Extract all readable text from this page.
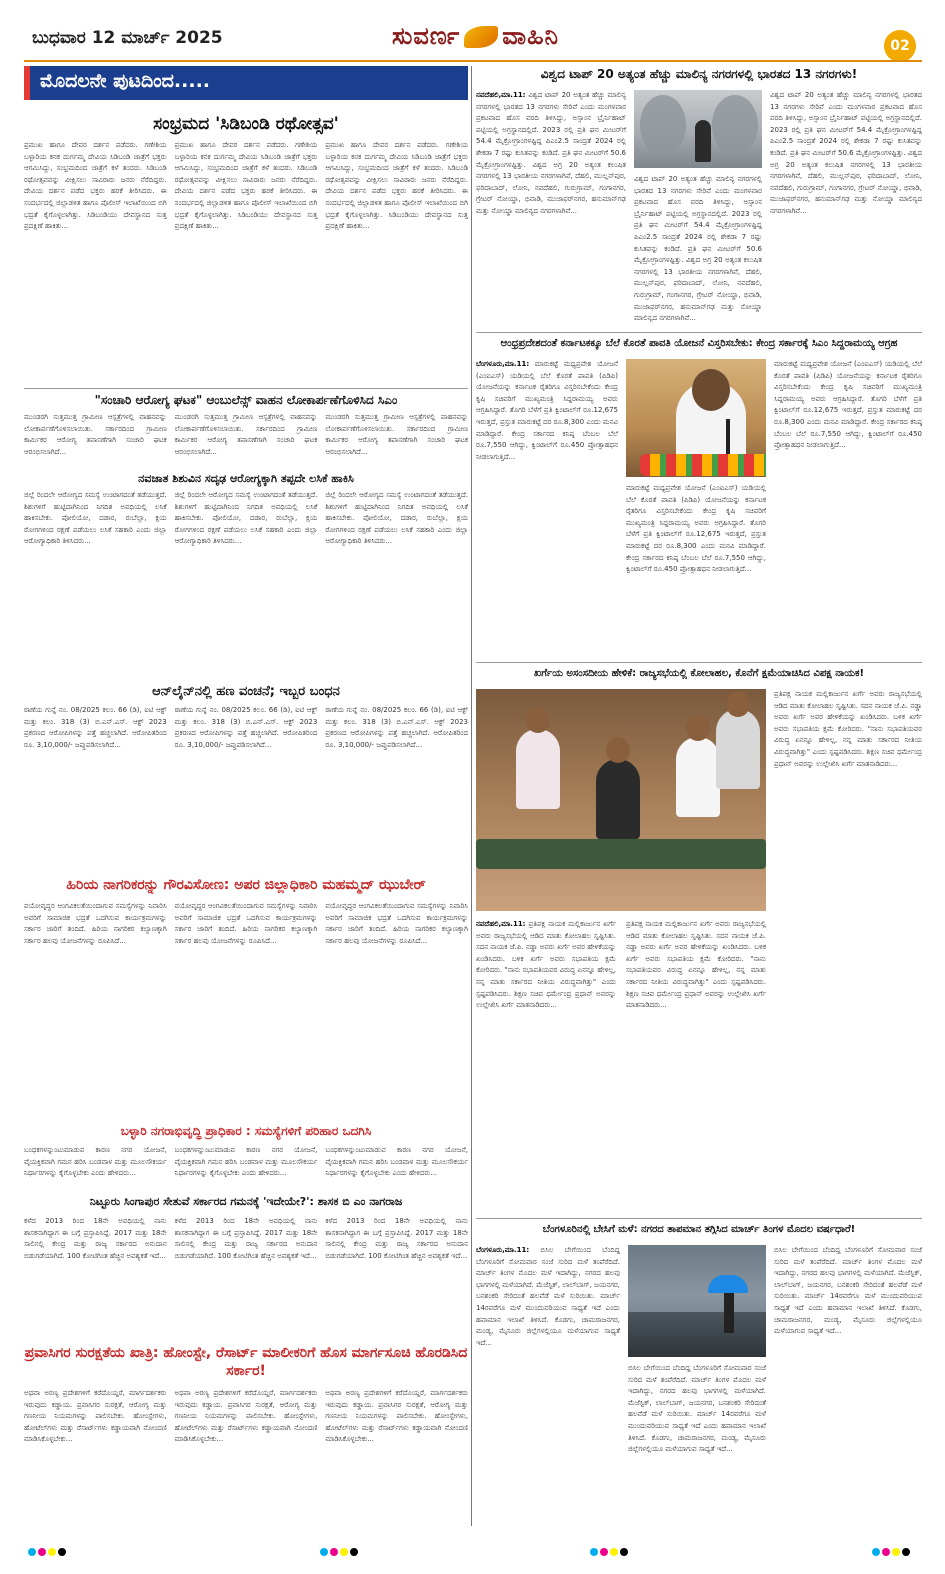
ಬುಧವಾರ 12 ಮಾರ್ಚ್ 2025	ಸುವರ್ಣ ವಾಹಿನಿ	02
ಮೊದಲನೇ ಪುಟದಿಂದ.....
ಸಂಭ್ರಮದ 'ಸಿಡಿಬಂಡಿ ರಥೋತ್ಸವ'
ಪ್ರಮುಖ ಹಾಗೂ ದೇವರ ದರ್ಶನ ಪಡೆದರು. ಗಣೇಶಿಯ ಬಳ್ಳಾರಿಯ ಕನಕ ದುರ್ಗಮ್ಮ ದೇವಿಯ ಸಿಡಿಬಂಡಿ ಜಾತ್ರೆಗೆ ಭಕ್ತರು ಆಗಮಿಸಿದ್ದು, ಸಂಭ್ರಮದಿಂದ ಜಾತ್ರೆಗೆ ಕಳೆ ತಂದರು. ಸಿಡಿಬಂಡಿ ರಥೋತ್ಸವವನ್ನು ವೀಕ್ಷಿಸಲು ಸಾವಿರಾರು ಜನರು ನೆರೆದಿದ್ದರು. ದೇವಿಯ ದರ್ಶನ ಪಡೆದ ಭಕ್ತರು ಹರಕೆ ತೀರಿಸಿದರು. ಈ ಸಂದರ್ಭದಲ್ಲಿ ಜಿಲ್ಲಾಡಳಿತ ಹಾಗೂ ಪೊಲೀಸ್ ಇಲಾಖೆಯಿಂದ ಬಿಗಿ ಭದ್ರತೆ ಕೈಗೊಳ್ಳಲಾಗಿತ್ತು. ಸಿಡಿಬಂಡಿಯು ದೇವಸ್ಥಾನದ ಸುತ್ತ ಪ್ರದಕ್ಷಿಣೆ ಹಾಕಿತು...
ಪ್ರಮುಖ ಹಾಗೂ ದೇವರ ದರ್ಶನ ಪಡೆದರು. ಗಣೇಶಿಯ ಬಳ್ಳಾರಿಯ ಕನಕ ದುರ್ಗಮ್ಮ ದೇವಿಯ ಸಿಡಿಬಂಡಿ ಜಾತ್ರೆಗೆ ಭಕ್ತರು ಆಗಮಿಸಿದ್ದು, ಸಂಭ್ರಮದಿಂದ ಜಾತ್ರೆಗೆ ಕಳೆ ತಂದರು. ಸಿಡಿಬಂಡಿ ರಥೋತ್ಸವವನ್ನು ವೀಕ್ಷಿಸಲು ಸಾವಿರಾರು ಜನರು ನೆರೆದಿದ್ದರು. ದೇವಿಯ ದರ್ಶನ ಪಡೆದ ಭಕ್ತರು ಹರಕೆ ತೀರಿಸಿದರು. ಈ ಸಂದರ್ಭದಲ್ಲಿ ಜಿಲ್ಲಾಡಳಿತ ಹಾಗೂ ಪೊಲೀಸ್ ಇಲಾಖೆಯಿಂದ ಬಿಗಿ ಭದ್ರತೆ ಕೈಗೊಳ್ಳಲಾಗಿತ್ತು. ಸಿಡಿಬಂಡಿಯು ದೇವಸ್ಥಾನದ ಸುತ್ತ ಪ್ರದಕ್ಷಿಣೆ ಹಾಕಿತು...
ಪ್ರಮುಖ ಹಾಗೂ ದೇವರ ದರ್ಶನ ಪಡೆದರು. ಗಣೇಶಿಯ ಬಳ್ಳಾರಿಯ ಕನಕ ದುರ್ಗಮ್ಮ ದೇವಿಯ ಸಿಡಿಬಂಡಿ ಜಾತ್ರೆಗೆ ಭಕ್ತರು ಆಗಮಿಸಿದ್ದು, ಸಂಭ್ರಮದಿಂದ ಜಾತ್ರೆಗೆ ಕಳೆ ತಂದರು. ಸಿಡಿಬಂಡಿ ರಥೋತ್ಸವವನ್ನು ವೀಕ್ಷಿಸಲು ಸಾವಿರಾರು ಜನರು ನೆರೆದಿದ್ದರು. ದೇವಿಯ ದರ್ಶನ ಪಡೆದ ಭಕ್ತರು ಹರಕೆ ತೀರಿಸಿದರು. ಈ ಸಂದರ್ಭದಲ್ಲಿ ಜಿಲ್ಲಾಡಳಿತ ಹಾಗೂ ಪೊಲೀಸ್ ಇಲಾಖೆಯಿಂದ ಬಿಗಿ ಭದ್ರತೆ ಕೈಗೊಳ್ಳಲಾಗಿತ್ತು. ಸಿಡಿಬಂಡಿಯು ದೇವಸ್ಥಾನದ ಸುತ್ತ ಪ್ರದಕ್ಷಿಣೆ ಹಾಕಿತು...
"ಸಂಚಾರಿ ಆರೋಗ್ಯ ಘಟಕ" ಆಂಬುಲೆನ್ಸ್ ವಾಹನ ಲೋಕಾರ್ಪಣೆಗೊಳಿಸಿದ ಸಿಎಂ
ಮುಂಡರಗಿ ಸುತ್ತಮುತ್ತ ಗ್ರಾಮೀಣ ಆಸ್ಪತ್ರೆಗಳಲ್ಲಿ ವಾಹನವನ್ನು ಲೋಕಾರ್ಪಣೆಗೊಳಿಸಲಾಯಿತು. ಸರ್ಕಾರದಿಂದ ಗ್ರಾಮೀಣ ಕಾರ್ಮಿಕರ ಆರೋಗ್ಯ ತಪಾಸಣೆಗಾಗಿ ಸಂಚಾರಿ ಘಟಕ ಆರಂಭಿಸಲಾಗಿದೆ...
ಮುಂಡರಗಿ ಸುತ್ತಮುತ್ತ ಗ್ರಾಮೀಣ ಆಸ್ಪತ್ರೆಗಳಲ್ಲಿ ವಾಹನವನ್ನು ಲೋಕಾರ್ಪಣೆಗೊಳಿಸಲಾಯಿತು. ಸರ್ಕಾರದಿಂದ ಗ್ರಾಮೀಣ ಕಾರ್ಮಿಕರ ಆರೋಗ್ಯ ತಪಾಸಣೆಗಾಗಿ ಸಂಚಾರಿ ಘಟಕ ಆರಂಭಿಸಲಾಗಿದೆ...
ಮುಂಡರಗಿ ಸುತ್ತಮುತ್ತ ಗ್ರಾಮೀಣ ಆಸ್ಪತ್ರೆಗಳಲ್ಲಿ ವಾಹನವನ್ನು ಲೋಕಾರ್ಪಣೆಗೊಳಿಸಲಾಯಿತು. ಸರ್ಕಾರದಿಂದ ಗ್ರಾಮೀಣ ಕಾರ್ಮಿಕರ ಆರೋಗ್ಯ ತಪಾಸಣೆಗಾಗಿ ಸಂಚಾರಿ ಘಟಕ ಆರಂಭಿಸಲಾಗಿದೆ...
ನವಜಾತ ಶಿಶುವಿನ ಸದೃಢ ಆರೋಗ್ಯಕ್ಕಾಗಿ ತಪ್ಪದೇ ಲಸಿಕೆ ಹಾಕಿಸಿ
ಜಿಲ್ಲೆ ರಿಂದಲೇ ಆರೋಗ್ಯದ ಸಮಸ್ಯೆ ಉಂಟಾಗದಂತೆ ತಡೆಯುತ್ತದೆ. ಶಿಶುಗಳಿಗೆ ಹುಟ್ಟಿದಾಗಿನಿಂದ ನಿಗದಿತ ಅವಧಿಯಲ್ಲಿ ಲಸಿಕೆ ಹಾಕಿಸಬೇಕು. ಪೋಲಿಯೋ, ದಡಾರ, ರುಬೆಲ್ಲಾ, ಕ್ಷಯ ರೋಗಗಳಿಂದ ರಕ್ಷಣೆ ಪಡೆಯಲು ಲಸಿಕೆ ಸಹಕಾರಿ ಎಂದು ಜಿಲ್ಲಾ ಆರೋಗ್ಯಾಧಿಕಾರಿ ತಿಳಿಸಿದರು...
ಜಿಲ್ಲೆ ರಿಂದಲೇ ಆರೋಗ್ಯದ ಸಮಸ್ಯೆ ಉಂಟಾಗದಂತೆ ತಡೆಯುತ್ತದೆ. ಶಿಶುಗಳಿಗೆ ಹುಟ್ಟಿದಾಗಿನಿಂದ ನಿಗದಿತ ಅವಧಿಯಲ್ಲಿ ಲಸಿಕೆ ಹಾಕಿಸಬೇಕು. ಪೋಲಿಯೋ, ದಡಾರ, ರುಬೆಲ್ಲಾ, ಕ್ಷಯ ರೋಗಗಳಿಂದ ರಕ್ಷಣೆ ಪಡೆಯಲು ಲಸಿಕೆ ಸಹಕಾರಿ ಎಂದು ಜಿಲ್ಲಾ ಆರೋಗ್ಯಾಧಿಕಾರಿ ತಿಳಿಸಿದರು...
ಜಿಲ್ಲೆ ರಿಂದಲೇ ಆರೋಗ್ಯದ ಸಮಸ್ಯೆ ಉಂಟಾಗದಂತೆ ತಡೆಯುತ್ತದೆ. ಶಿಶುಗಳಿಗೆ ಹುಟ್ಟಿದಾಗಿನಿಂದ ನಿಗದಿತ ಅವಧಿಯಲ್ಲಿ ಲಸಿಕೆ ಹಾಕಿಸಬೇಕು. ಪೋಲಿಯೋ, ದಡಾರ, ರುಬೆಲ್ಲಾ, ಕ್ಷಯ ರೋಗಗಳಿಂದ ರಕ್ಷಣೆ ಪಡೆಯಲು ಲಸಿಕೆ ಸಹಕಾರಿ ಎಂದು ಜಿಲ್ಲಾ ಆರೋಗ್ಯಾಧಿಕಾರಿ ತಿಳಿಸಿದರು...
ಆನ್‌ಲೈನ್‌ನಲ್ಲಿ ಹಣ ವಂಚನೆ; ಇಬ್ಬರ ಬಂಧನ
ಠಾಣೆಯ ಗುನ್ನೆ ನಂ. 08/2025 ಕಲಂ. 66 (ಡಿ), ಐಟಿ ಆಕ್ಟ್ ಮತ್ತು ಕಲಂ. 318 (3) ಬಿ.ಎನ್.ಎಸ್. ಆಕ್ಟ್ 2023 ಪ್ರಕರಣದ ಆರೋಪಿಗಳನ್ನು ಪತ್ತೆ ಹಚ್ಚಲಾಗಿದೆ. ಆರೋಪಿತರಿಂದ ರೂ. 3,10,000/- ಜಪ್ತುಪಡಿಸಲಾಗಿದೆ...
ಠಾಣೆಯ ಗುನ್ನೆ ನಂ. 08/2025 ಕಲಂ. 66 (ಡಿ), ಐಟಿ ಆಕ್ಟ್ ಮತ್ತು ಕಲಂ. 318 (3) ಬಿ.ಎನ್.ಎಸ್. ಆಕ್ಟ್ 2023 ಪ್ರಕರಣದ ಆರೋಪಿಗಳನ್ನು ಪತ್ತೆ ಹಚ್ಚಲಾಗಿದೆ. ಆರೋಪಿತರಿಂದ ರೂ. 3,10,000/- ಜಪ್ತುಪಡಿಸಲಾಗಿದೆ...
ಠಾಣೆಯ ಗುನ್ನೆ ನಂ. 08/2025 ಕಲಂ. 66 (ಡಿ), ಐಟಿ ಆಕ್ಟ್ ಮತ್ತು ಕಲಂ. 318 (3) ಬಿ.ಎನ್.ಎಸ್. ಆಕ್ಟ್ 2023 ಪ್ರಕರಣದ ಆರೋಪಿಗಳನ್ನು ಪತ್ತೆ ಹಚ್ಚಲಾಗಿದೆ. ಆರೋಪಿತರಿಂದ ರೂ. 3,10,000/- ಜಪ್ತುಪಡಿಸಲಾಗಿದೆ...
ಹಿರಿಯ ನಾಗರಿಕರನ್ನು ಗೌರವಿಸೋಣ: ಅಪರ ಜಿಲ್ಲಾಧಿಕಾರಿ ಮಹಮ್ಮದ್ ಝುಬೇರ್
ವಯೋವೃದ್ಧರ ಆಂಗವಿಕಲತೆಯಿಂದಾಗುವ ಸಮಸ್ಯೆಗಳನ್ನು ನಿವಾರಿಸಿ ಅವರಿಗೆ ಸಾಮಾಜಿಕ ಭದ್ರತೆ ಒದಗಿಸುವ ಕಾರ್ಯಕ್ರಮಗಳನ್ನು ಸರ್ಕಾರ ಜಾರಿಗೆ ತಂದಿದೆ. ಹಿರಿಯ ನಾಗರಿಕರ ಕಲ್ಯಾಣಕ್ಕಾಗಿ ಸರ್ಕಾರ ಹಲವು ಯೋಜನೆಗಳನ್ನು ರೂಪಿಸಿದೆ...
ವಯೋವೃದ್ಧರ ಆಂಗವಿಕಲತೆಯಿಂದಾಗುವ ಸಮಸ್ಯೆಗಳನ್ನು ನಿವಾರಿಸಿ ಅವರಿಗೆ ಸಾಮಾಜಿಕ ಭದ್ರತೆ ಒದಗಿಸುವ ಕಾರ್ಯಕ್ರಮಗಳನ್ನು ಸರ್ಕಾರ ಜಾರಿಗೆ ತಂದಿದೆ. ಹಿರಿಯ ನಾಗರಿಕರ ಕಲ್ಯಾಣಕ್ಕಾಗಿ ಸರ್ಕಾರ ಹಲವು ಯೋಜನೆಗಳನ್ನು ರೂಪಿಸಿದೆ...
ವಯೋವೃದ್ಧರ ಆಂಗವಿಕಲತೆಯಿಂದಾಗುವ ಸಮಸ್ಯೆಗಳನ್ನು ನಿವಾರಿಸಿ ಅವರಿಗೆ ಸಾಮಾಜಿಕ ಭದ್ರತೆ ಒದಗಿಸುವ ಕಾರ್ಯಕ್ರಮಗಳನ್ನು ಸರ್ಕಾರ ಜಾರಿಗೆ ತಂದಿದೆ. ಹಿರಿಯ ನಾಗರಿಕರ ಕಲ್ಯಾಣಕ್ಕಾಗಿ ಸರ್ಕಾರ ಹಲವು ಯೋಜನೆಗಳನ್ನು ರೂಪಿಸಿದೆ...
ಬಳ್ಳಾರಿ ನಗರಾಭಿವೃದ್ಧಿ ಪ್ರಾಧಿಕಾರ : ಸಮಸ್ಯೆಗಳಿಗೆ ಪರಿಹಾರ ಒದಗಿಸಿ
ಬಂಧಕಗಳನ್ನುಂಟುಮಾಡುವ ಕಾರಣ ನಗರ ಯೋಜನೆ, ವೈಯಕ್ತಿಕವಾಗಿ ಗಮನ ಹರಿಸಿ ಬಂಡವಾಳ ಮತ್ತು ಮೂಲಸೌಕರ್ಯ ನಿರ್ಧಾರಗಳನ್ನು ಕೈಗೊಳ್ಳಬೇಕು ಎಂದು ಹೇಳಿದರು...
ಬಂಧಕಗಳನ್ನುಂಟುಮಾಡುವ ಕಾರಣ ನಗರ ಯೋಜನೆ, ವೈಯಕ್ತಿಕವಾಗಿ ಗಮನ ಹರಿಸಿ ಬಂಡವಾಳ ಮತ್ತು ಮೂಲಸೌಕರ್ಯ ನಿರ್ಧಾರಗಳನ್ನು ಕೈಗೊಳ್ಳಬೇಕು ಎಂದು ಹೇಳಿದರು...
ಬಂಧಕಗಳನ್ನುಂಟುಮಾಡುವ ಕಾರಣ ನಗರ ಯೋಜನೆ, ವೈಯಕ್ತಿಕವಾಗಿ ಗಮನ ಹರಿಸಿ ಬಂಡವಾಳ ಮತ್ತು ಮೂಲಸೌಕರ್ಯ ನಿರ್ಧಾರಗಳನ್ನು ಕೈಗೊಳ್ಳಬೇಕು ಎಂದು ಹೇಳಿದರು...
ನಿಟ್ಟೂರು ಸಿಂಗಾಪುರ ಸೇತುವೆ ಸರ್ಕಾರದ ಗಮನಕ್ಕೆ 'ಇದೇಯೇ?': ಶಾಸಕ ಬಿ ಎಂ ನಾಗರಾಜ
ಕಳೆದ 2013 ರಿಂದ 18ನೇ ಅವಧಿಯಲ್ಲಿ ನಾನು ಶಾಸಕನಾಗಿದ್ದಾಗ ಈ ಬಗ್ಗೆ ಪ್ರಸ್ತಾಪಿಸಿದ್ದೆ. 2017 ಮತ್ತು 18ನೇ ಸಾಲಿನಲ್ಲಿ ಕೇಂದ್ರ ಮತ್ತು ರಾಜ್ಯ ಸರ್ಕಾರದ ಅನುದಾನ ಬಿಡುಗಡೆಯಾಗಿದೆ. 100 ಕೋಟಿಗಿಂತ ಹೆಚ್ಚಿನ ಅವಶ್ಯಕತೆ ಇದೆ...
ಕಳೆದ 2013 ರಿಂದ 18ನೇ ಅವಧಿಯಲ್ಲಿ ನಾನು ಶಾಸಕನಾಗಿದ್ದಾಗ ಈ ಬಗ್ಗೆ ಪ್ರಸ್ತಾಪಿಸಿದ್ದೆ. 2017 ಮತ್ತು 18ನೇ ಸಾಲಿನಲ್ಲಿ ಕೇಂದ್ರ ಮತ್ತು ರಾಜ್ಯ ಸರ್ಕಾರದ ಅನುದಾನ ಬಿಡುಗಡೆಯಾಗಿದೆ. 100 ಕೋಟಿಗಿಂತ ಹೆಚ್ಚಿನ ಅವಶ್ಯಕತೆ ಇದೆ...
ಕಳೆದ 2013 ರಿಂದ 18ನೇ ಅವಧಿಯಲ್ಲಿ ನಾನು ಶಾಸಕನಾಗಿದ್ದಾಗ ಈ ಬಗ್ಗೆ ಪ್ರಸ್ತಾಪಿಸಿದ್ದೆ. 2017 ಮತ್ತು 18ನೇ ಸಾಲಿನಲ್ಲಿ ಕೇಂದ್ರ ಮತ್ತು ರಾಜ್ಯ ಸರ್ಕಾರದ ಅನುದಾನ ಬಿಡುಗಡೆಯಾಗಿದೆ. 100 ಕೋಟಿಗಿಂತ ಹೆಚ್ಚಿನ ಅವಶ್ಯಕತೆ ಇದೆ...
ಪ್ರವಾಸಿಗರ ಸುರಕ್ಷತೆಯ ಖಾತ್ರಿ: ಹೋಂಸ್ಟೇ, ರೆಸಾರ್ಟ್ ಮಾಲೀಕರಿಗೆ ಹೊಸ ಮಾರ್ಗಸೂಚಿ ಹೊರಡಿಸಿದ ಸರ್ಕಾರ!
ಅಥವಾ ಅರಣ್ಯ ಪ್ರದೇಶಗಳಿಗೆ ಕರೆದೊಯ್ದರೆ, ಮಾರ್ಗದರ್ಶಕರು ಇರುವುದು ಕಡ್ಡಾಯ. ಪ್ರವಾಸಿಗರ ಸುರಕ್ಷತೆ, ಆರೋಗ್ಯ ಮತ್ತು ಗಣನೀಯ ನಿಯಮಗಳನ್ನು ಪಾಲಿಸಬೇಕು. ಹೋಂಸ್ಟೇಗಳು, ಹೋಟೆಲ್‌ಗಳು ಮತ್ತು ರೆಸಾರ್ಟ್‌ಗಳು ಕಡ್ಡಾಯವಾಗಿ ನೋಂದಣಿ ಮಾಡಿಸಿಕೊಳ್ಳಬೇಕು...
ಅಥವಾ ಅರಣ್ಯ ಪ್ರದೇಶಗಳಿಗೆ ಕರೆದೊಯ್ದರೆ, ಮಾರ್ಗದರ್ಶಕರು ಇರುವುದು ಕಡ್ಡಾಯ. ಪ್ರವಾಸಿಗರ ಸುರಕ್ಷತೆ, ಆರೋಗ್ಯ ಮತ್ತು ಗಣನೀಯ ನಿಯಮಗಳನ್ನು ಪಾಲಿಸಬೇಕು. ಹೋಂಸ್ಟೇಗಳು, ಹೋಟೆಲ್‌ಗಳು ಮತ್ತು ರೆಸಾರ್ಟ್‌ಗಳು ಕಡ್ಡಾಯವಾಗಿ ನೋಂದಣಿ ಮಾಡಿಸಿಕೊಳ್ಳಬೇಕು...
ಅಥವಾ ಅರಣ್ಯ ಪ್ರದೇಶಗಳಿಗೆ ಕರೆದೊಯ್ದರೆ, ಮಾರ್ಗದರ್ಶಕರು ಇರುವುದು ಕಡ್ಡಾಯ. ಪ್ರವಾಸಿಗರ ಸುರಕ್ಷತೆ, ಆರೋಗ್ಯ ಮತ್ತು ಗಣನೀಯ ನಿಯಮಗಳನ್ನು ಪಾಲಿಸಬೇಕು. ಹೋಂಸ್ಟೇಗಳು, ಹೋಟೆಲ್‌ಗಳು ಮತ್ತು ರೆಸಾರ್ಟ್‌ಗಳು ಕಡ್ಡಾಯವಾಗಿ ನೋಂದಣಿ ಮಾಡಿಸಿಕೊಳ್ಳಬೇಕು...
ವಿಶ್ವದ ಟಾಪ್ 20 ಅತ್ಯಂತ ಹೆಚ್ಚು ಮಾಲಿನ್ಯ ನಗರಗಳಲ್ಲಿ ಭಾರತದ 13 ನಗರಗಳು!
ನವದೆಹಲಿ,ಮಾ.11: ವಿಶ್ವದ ಟಾಪ್ 20 ಅತ್ಯಂತ ಹೆಚ್ಚು ಮಾಲಿನ್ಯ ನಗರಗಳಲ್ಲಿ ಭಾರತದ 13 ನಗರಗಳು ಸೇರಿವೆ ಎಂದು ಮಂಗಳವಾರ ಪ್ರಕಟವಾದ ಹೊಸ ವರದಿ ತಿಳಿಸಿದ್ದು, ಅಸ್ಸಾಂನ ಬ್ರೈರ್ನಿಹಾಟ್ ಪಟ್ಟಿಯಲ್ಲಿ ಅಗ್ರಸ್ಥಾನದಲ್ಲಿದೆ. 2023 ರಲ್ಲಿ ಪ್ರತಿ ಘನ ಮೀಟರ್‌ಗೆ 54.4 ಮೈಕ್ರೋಗ್ರಾಂಗಳಷ್ಟಿದ್ದ ಪಿಎಂ2.5 ಸಾಂದ್ರತೆ 2024 ರಲ್ಲಿ ಶೇಕಡಾ 7 ರಷ್ಟು ಕುಸಿತವನ್ನು ಕಂಡಿದೆ. ಪ್ರತಿ ಘನ ಮೀಟರ್‌ಗೆ 50.6 ಮೈಕ್ರೋಗ್ರಾಂಗಳಷ್ಟಿತ್ತು. ವಿಶ್ವದ ಅಗ್ರ 20 ಅತ್ಯಂತ ಕಲುಷಿತ ನಗರಗಳಲ್ಲಿ 13 ಭಾರತೀಯ ನಗರಗಳಾಗಿವೆ, ದೆಹಲಿ, ಮುಲ್ಲನ್‌ಪುರ, ಫರಿದಾಬಾದ್, ಲೋನಿ, ನವದೆಹಲಿ, ಗುರುಗ್ರಾಮ್, ಗಂಗಾನಗರ, ಗ್ರೇಟರ್ ನೋಯ್ಡಾ, ಭಿವಾಡಿ, ಮುಜಾಫರ್‌ನಗರ, ಹನುಮಾನ್‌ಗಢ ಮತ್ತು ನೋಯ್ಡಾ ಮಾಲಿನ್ಯದ ನಗರಗಳಾಗಿವೆ...
ವಿಶ್ವದ ಟಾಪ್ 20 ಅತ್ಯಂತ ಹೆಚ್ಚು ಮಾಲಿನ್ಯ ನಗರಗಳಲ್ಲಿ ಭಾರತದ 13 ನಗರಗಳು ಸೇರಿವೆ ಎಂದು ಮಂಗಳವಾರ ಪ್ರಕಟವಾದ ಹೊಸ ವರದಿ ತಿಳಿಸಿದ್ದು, ಅಸ್ಸಾಂನ ಬ್ರೈರ್ನಿಹಾಟ್ ಪಟ್ಟಿಯಲ್ಲಿ ಅಗ್ರಸ್ಥಾನದಲ್ಲಿದೆ. 2023 ರಲ್ಲಿ ಪ್ರತಿ ಘನ ಮೀಟರ್‌ಗೆ 54.4 ಮೈಕ್ರೋಗ್ರಾಂಗಳಷ್ಟಿದ್ದ ಪಿಎಂ2.5 ಸಾಂದ್ರತೆ 2024 ರಲ್ಲಿ ಶೇಕಡಾ 7 ರಷ್ಟು ಕುಸಿತವನ್ನು ಕಂಡಿದೆ. ಪ್ರತಿ ಘನ ಮೀಟರ್‌ಗೆ 50.6 ಮೈಕ್ರೋಗ್ರಾಂಗಳಷ್ಟಿತ್ತು. ವಿಶ್ವದ ಅಗ್ರ 20 ಅತ್ಯಂತ ಕಲುಷಿತ ನಗರಗಳಲ್ಲಿ 13 ಭಾರತೀಯ ನಗರಗಳಾಗಿವೆ, ದೆಹಲಿ, ಮುಲ್ಲನ್‌ಪುರ, ಫರಿದಾಬಾದ್, ಲೋನಿ, ನವದೆಹಲಿ, ಗುರುಗ್ರಾಮ್, ಗಂಗಾನಗರ, ಗ್ರೇಟರ್ ನೋಯ್ಡಾ, ಭಿವಾಡಿ, ಮುಜಾಫರ್‌ನಗರ, ಹನುಮಾನ್‌ಗಢ ಮತ್ತು ನೋಯ್ಡಾ ಮಾಲಿನ್ಯದ ನಗರಗಳಾಗಿವೆ...
ವಿಶ್ವದ ಟಾಪ್ 20 ಅತ್ಯಂತ ಹೆಚ್ಚು ಮಾಲಿನ್ಯ ನಗರಗಳಲ್ಲಿ ಭಾರತದ 13 ನಗರಗಳು ಸೇರಿವೆ ಎಂದು ಮಂಗಳವಾರ ಪ್ರಕಟವಾದ ಹೊಸ ವರದಿ ತಿಳಿಸಿದ್ದು, ಅಸ್ಸಾಂನ ಬ್ರೈರ್ನಿಹಾಟ್ ಪಟ್ಟಿಯಲ್ಲಿ ಅಗ್ರಸ್ಥಾನದಲ್ಲಿದೆ. 2023 ರಲ್ಲಿ ಪ್ರತಿ ಘನ ಮೀಟರ್‌ಗೆ 54.4 ಮೈಕ್ರೋಗ್ರಾಂಗಳಷ್ಟಿದ್ದ ಪಿಎಂ2.5 ಸಾಂದ್ರತೆ 2024 ರಲ್ಲಿ ಶೇಕಡಾ 7 ರಷ್ಟು ಕುಸಿತವನ್ನು ಕಂಡಿದೆ. ಪ್ರತಿ ಘನ ಮೀಟರ್‌ಗೆ 50.6 ಮೈಕ್ರೋಗ್ರಾಂಗಳಷ್ಟಿತ್ತು. ವಿಶ್ವದ ಅಗ್ರ 20 ಅತ್ಯಂತ ಕಲುಷಿತ ನಗರಗಳಲ್ಲಿ 13 ಭಾರತೀಯ ನಗರಗಳಾಗಿವೆ, ದೆಹಲಿ, ಮುಲ್ಲನ್‌ಪುರ, ಫರಿದಾಬಾದ್, ಲೋನಿ, ನವದೆಹಲಿ, ಗುರುಗ್ರಾಮ್, ಗಂಗಾನಗರ, ಗ್ರೇಟರ್ ನೋಯ್ಡಾ, ಭಿವಾಡಿ, ಮುಜಾಫರ್‌ನಗರ, ಹನುಮಾನ್‌ಗಢ ಮತ್ತು ನೋಯ್ಡಾ ಮಾಲಿನ್ಯದ ನಗರಗಳಾಗಿವೆ...
ಆಂಧ್ರಪ್ರದೇಶದಂತೆ ಕರ್ನಾಟಕಕ್ಕೂ ಬೆಲೆ ಕೊರತೆ ಪಾವತಿ ಯೋಜನೆ ವಿಸ್ತರಿಸಬೇಕು: ಕೇಂದ್ರ ಸರ್ಕಾರಕ್ಕೆ ಸಿಎಂ ಸಿದ್ದರಾಮಯ್ಯ ಆಗ್ರಹ
ಬೆಂಗಳೂರು,ಮಾ.11: ಮಾರುಕಟ್ಟೆ ಮಧ್ಯಪ್ರವೇಶ ಯೋಜನೆ (ಎಂಐಎಸ್) ಯಡಿಯಲ್ಲಿ ಬೆಲೆ ಕೊರತೆ ಪಾವತಿ (ಪಿಡಿಪಿ) ಯೋಜನೆಯನ್ನು ಕರ್ನಾಟಕ ರೈತರಿಗೂ ವಿಸ್ತರಿಸಬೇಕೆಂದು ಕೇಂದ್ರ ಕೃಷಿ ಸಚಿವರಿಗೆ ಮುಖ್ಯಮಂತ್ರಿ ಸಿದ್ದರಾಮಯ್ಯ ಅವರು ಆಗ್ರಹಿಸಿದ್ದಾರೆ. ತೊಗರಿ ಬೆಳೆಗೆ ಪ್ರತಿ ಕ್ವಿಂಟಾಲ್‌ಗೆ ರೂ.12,675 ಇರುತ್ತದೆ, ಪ್ರಸ್ತುತ ಮಾರುಕಟ್ಟೆ ದರ ರೂ.8,300 ಎಂದು ಮನವಿ ಮಾಡಿದ್ದಾರೆ. ಕೇಂದ್ರ ಸರ್ಕಾರದ ಕನಿಷ್ಠ ಬೆಂಬಲ ಬೆಲೆ ರೂ.7,550 ಆಗಿದ್ದು, ಕ್ವಿಂಟಾಲ್‌ಗೆ ರೂ.450 ಪ್ರೋತ್ಸಾಹಧನ ನೀಡಲಾಗುತ್ತಿದೆ...
ಮಾರುಕಟ್ಟೆ ಮಧ್ಯಪ್ರವೇಶ ಯೋಜನೆ (ಎಂಐಎಸ್) ಯಡಿಯಲ್ಲಿ ಬೆಲೆ ಕೊರತೆ ಪಾವತಿ (ಪಿಡಿಪಿ) ಯೋಜನೆಯನ್ನು ಕರ್ನಾಟಕ ರೈತರಿಗೂ ವಿಸ್ತರಿಸಬೇಕೆಂದು ಕೇಂದ್ರ ಕೃಷಿ ಸಚಿವರಿಗೆ ಮುಖ್ಯಮಂತ್ರಿ ಸಿದ್ದರಾಮಯ್ಯ ಅವರು ಆಗ್ರಹಿಸಿದ್ದಾರೆ. ತೊಗರಿ ಬೆಳೆಗೆ ಪ್ರತಿ ಕ್ವಿಂಟಾಲ್‌ಗೆ ರೂ.12,675 ಇರುತ್ತದೆ, ಪ್ರಸ್ತುತ ಮಾರುಕಟ್ಟೆ ದರ ರೂ.8,300 ಎಂದು ಮನವಿ ಮಾಡಿದ್ದಾರೆ. ಕೇಂದ್ರ ಸರ್ಕಾರದ ಕನಿಷ್ಠ ಬೆಂಬಲ ಬೆಲೆ ರೂ.7,550 ಆಗಿದ್ದು, ಕ್ವಿಂಟಾಲ್‌ಗೆ ರೂ.450 ಪ್ರೋತ್ಸಾಹಧನ ನೀಡಲಾಗುತ್ತಿದೆ...
ಮಾರುಕಟ್ಟೆ ಮಧ್ಯಪ್ರವೇಶ ಯೋಜನೆ (ಎಂಐಎಸ್) ಯಡಿಯಲ್ಲಿ ಬೆಲೆ ಕೊರತೆ ಪಾವತಿ (ಪಿಡಿಪಿ) ಯೋಜನೆಯನ್ನು ಕರ್ನಾಟಕ ರೈತರಿಗೂ ವಿಸ್ತರಿಸಬೇಕೆಂದು ಕೇಂದ್ರ ಕೃಷಿ ಸಚಿವರಿಗೆ ಮುಖ್ಯಮಂತ್ರಿ ಸಿದ್ದರಾಮಯ್ಯ ಅವರು ಆಗ್ರಹಿಸಿದ್ದಾರೆ. ತೊಗರಿ ಬೆಳೆಗೆ ಪ್ರತಿ ಕ್ವಿಂಟಾಲ್‌ಗೆ ರೂ.12,675 ಇರುತ್ತದೆ, ಪ್ರಸ್ತುತ ಮಾರುಕಟ್ಟೆ ದರ ರೂ.8,300 ಎಂದು ಮನವಿ ಮಾಡಿದ್ದಾರೆ. ಕೇಂದ್ರ ಸರ್ಕಾರದ ಕನಿಷ್ಠ ಬೆಂಬಲ ಬೆಲೆ ರೂ.7,550 ಆಗಿದ್ದು, ಕ್ವಿಂಟಾಲ್‌ಗೆ ರೂ.450 ಪ್ರೋತ್ಸಾಹಧನ ನೀಡಲಾಗುತ್ತಿದೆ...
ಖರ್ಗೆಯ ಅಸಂಸದೀಯ ಹೇಳಿಕೆ: ರಾಜ್ಯಸಭೆಯಲ್ಲಿ ಕೋಲಾಹಲ, ಕೊನೆಗೆ ಕ್ಷಮೆಯಾಚಿಸಿದ ವಿಪಕ್ಷ ನಾಯಕ!
ಪ್ರತಿಪಕ್ಷ ನಾಯಕ ಮಲ್ಲಿಕಾರ್ಜುನ ಖರ್ಗೆ ಅವರು ರಾಜ್ಯಸಭೆಯಲ್ಲಿ ಆಡಿದ ಮಾತು ಕೋಲಾಹಲ ಸೃಷ್ಟಿಸಿತು. ಸದನ ನಾಯಕ ಜೆ.ಪಿ. ನಡ್ಡಾ ಅವರು ಖರ್ಗೆ ಅವರ ಹೇಳಿಕೆಯನ್ನು ಖಂಡಿಸಿದರು. ಬಳಿಕ ಖರ್ಗೆ ಅವರು ಸಭಾಪತಿಯ ಕ್ಷಮೆ ಕೋರಿದರು. "ನಾನು ಸಭಾಪತಿಯವರ ವಿರುದ್ಧ ಏನನ್ನೂ ಹೇಳಿಲ್ಲ, ನನ್ನ ಮಾತು ಸರ್ಕಾರದ ನೀತಿಯ ವಿರುದ್ಧವಾಗಿತ್ತು" ಎಂದು ಸ್ಪಷ್ಟಪಡಿಸಿದರು. ಶಿಕ್ಷಣ ಸಚಿವ ಧರ್ಮೇಂದ್ರ ಪ್ರಧಾನ್ ಅವರನ್ನು ಉಲ್ಲೇಖಿಸಿ ಖರ್ಗೆ ಮಾತನಾಡಿದರು...
ನವದೆಹಲಿ,ಮಾ.11: ಪ್ರತಿಪಕ್ಷ ನಾಯಕ ಮಲ್ಲಿಕಾರ್ಜುನ ಖರ್ಗೆ ಅವರು ರಾಜ್ಯಸಭೆಯಲ್ಲಿ ಆಡಿದ ಮಾತು ಕೋಲಾಹಲ ಸೃಷ್ಟಿಸಿತು. ಸದನ ನಾಯಕ ಜೆ.ಪಿ. ನಡ್ಡಾ ಅವರು ಖರ್ಗೆ ಅವರ ಹೇಳಿಕೆಯನ್ನು ಖಂಡಿಸಿದರು. ಬಳಿಕ ಖರ್ಗೆ ಅವರು ಸಭಾಪತಿಯ ಕ್ಷಮೆ ಕೋರಿದರು. "ನಾನು ಸಭಾಪತಿಯವರ ವಿರುದ್ಧ ಏನನ್ನೂ ಹೇಳಿಲ್ಲ, ನನ್ನ ಮಾತು ಸರ್ಕಾರದ ನೀತಿಯ ವಿರುದ್ಧವಾಗಿತ್ತು" ಎಂದು ಸ್ಪಷ್ಟಪಡಿಸಿದರು. ಶಿಕ್ಷಣ ಸಚಿವ ಧರ್ಮೇಂದ್ರ ಪ್ರಧಾನ್ ಅವರನ್ನು ಉಲ್ಲೇಖಿಸಿ ಖರ್ಗೆ ಮಾತನಾಡಿದರು...
ಪ್ರತಿಪಕ್ಷ ನಾಯಕ ಮಲ್ಲಿಕಾರ್ಜುನ ಖರ್ಗೆ ಅವರು ರಾಜ್ಯಸಭೆಯಲ್ಲಿ ಆಡಿದ ಮಾತು ಕೋಲಾಹಲ ಸೃಷ್ಟಿಸಿತು. ಸದನ ನಾಯಕ ಜೆ.ಪಿ. ನಡ್ಡಾ ಅವರು ಖರ್ಗೆ ಅವರ ಹೇಳಿಕೆಯನ್ನು ಖಂಡಿಸಿದರು. ಬಳಿಕ ಖರ್ಗೆ ಅವರು ಸಭಾಪತಿಯ ಕ್ಷಮೆ ಕೋರಿದರು. "ನಾನು ಸಭಾಪತಿಯವರ ವಿರುದ್ಧ ಏನನ್ನೂ ಹೇಳಿಲ್ಲ, ನನ್ನ ಮಾತು ಸರ್ಕಾರದ ನೀತಿಯ ವಿರುದ್ಧವಾಗಿತ್ತು" ಎಂದು ಸ್ಪಷ್ಟಪಡಿಸಿದರು. ಶಿಕ್ಷಣ ಸಚಿವ ಧರ್ಮೇಂದ್ರ ಪ್ರಧಾನ್ ಅವರನ್ನು ಉಲ್ಲೇಖಿಸಿ ಖರ್ಗೆ ಮಾತನಾಡಿದರು...
ಬೆಂಗಳೂರಿನಲ್ಲಿ ಬೇಸಿಗೆ ಮಳೆ: ನಗರದ ತಾಪಮಾನ ತಗ್ಗಿಸಿದ ಮಾರ್ಚ್ ತಿಂಗಳ ಮೊದಲ ವರ್ಷಧಾರೆ!
ಬೆಂಗಳೂರು,ಮಾ.11: ಬಿಸಿಲ ಬೇಗೆಯಿಂದ ಬೆಂದಿದ್ದ ಬೆಂಗಳೂರಿಗೆ ಸೋಮವಾರ ಸಂಜೆ ಸುರಿದ ಮಳೆ ತಂಪೆರೆದಿದೆ. ಮಾರ್ಚ್ ತಿಂಗಳ ಮೊದಲ ಮಳೆ ಇದಾಗಿದ್ದು, ನಗರದ ಹಲವು ಭಾಗಗಳಲ್ಲಿ ಮಳೆಯಾಗಿದೆ. ಮೆಜೆಸ್ಟಿಕ್, ಲಾಲ್‌ಬಾಗ್, ಜಯನಗರ, ಬನಶಂಕರಿ ಸೇರಿದಂತೆ ಹಲವೆಡೆ ಮಳೆ ಸುರಿಯಿತು. ಮಾರ್ಚ್ 14ರವರೆಗೂ ಮಳೆ ಮುಂದುವರಿಯುವ ಸಾಧ್ಯತೆ ಇದೆ ಎಂದು ಹವಾಮಾನ ಇಲಾಖೆ ತಿಳಿಸಿದೆ. ಕೊಡಗು, ಚಾಮರಾಜನಗರ, ಮಂಡ್ಯ, ಮೈಸೂರು ಜಿಲ್ಲೆಗಳಲ್ಲಿಯೂ ಮಳೆಯಾಗುವ ಸಾಧ್ಯತೆ ಇದೆ...
ಬಿಸಿಲ ಬೇಗೆಯಿಂದ ಬೆಂದಿದ್ದ ಬೆಂಗಳೂರಿಗೆ ಸೋಮವಾರ ಸಂಜೆ ಸುರಿದ ಮಳೆ ತಂಪೆರೆದಿದೆ. ಮಾರ್ಚ್ ತಿಂಗಳ ಮೊದಲ ಮಳೆ ಇದಾಗಿದ್ದು, ನಗರದ ಹಲವು ಭಾಗಗಳಲ್ಲಿ ಮಳೆಯಾಗಿದೆ. ಮೆಜೆಸ್ಟಿಕ್, ಲಾಲ್‌ಬಾಗ್, ಜಯನಗರ, ಬನಶಂಕರಿ ಸೇರಿದಂತೆ ಹಲವೆಡೆ ಮಳೆ ಸುರಿಯಿತು. ಮಾರ್ಚ್ 14ರವರೆಗೂ ಮಳೆ ಮುಂದುವರಿಯುವ ಸಾಧ್ಯತೆ ಇದೆ ಎಂದು ಹವಾಮಾನ ಇಲಾಖೆ ತಿಳಿಸಿದೆ. ಕೊಡಗು, ಚಾಮರಾಜನಗರ, ಮಂಡ್ಯ, ಮೈಸೂರು ಜಿಲ್ಲೆಗಳಲ್ಲಿಯೂ ಮಳೆಯಾಗುವ ಸಾಧ್ಯತೆ ಇದೆ...
ಬಿಸಿಲ ಬೇಗೆಯಿಂದ ಬೆಂದಿದ್ದ ಬೆಂಗಳೂರಿಗೆ ಸೋಮವಾರ ಸಂಜೆ ಸುರಿದ ಮಳೆ ತಂಪೆರೆದಿದೆ. ಮಾರ್ಚ್ ತಿಂಗಳ ಮೊದಲ ಮಳೆ ಇದಾಗಿದ್ದು, ನಗರದ ಹಲವು ಭಾಗಗಳಲ್ಲಿ ಮಳೆಯಾಗಿದೆ. ಮೆಜೆಸ್ಟಿಕ್, ಲಾಲ್‌ಬಾಗ್, ಜಯನಗರ, ಬನಶಂಕರಿ ಸೇರಿದಂತೆ ಹಲವೆಡೆ ಮಳೆ ಸುರಿಯಿತು. ಮಾರ್ಚ್ 14ರವರೆಗೂ ಮಳೆ ಮುಂದುವರಿಯುವ ಸಾಧ್ಯತೆ ಇದೆ ಎಂದು ಹವಾಮಾನ ಇಲಾಖೆ ತಿಳಿಸಿದೆ. ಕೊಡಗು, ಚಾಮರಾಜನಗರ, ಮಂಡ್ಯ, ಮೈಸೂರು ಜಿಲ್ಲೆಗಳಲ್ಲಿಯೂ ಮಳೆಯಾಗುವ ಸಾಧ್ಯತೆ ಇದೆ...
